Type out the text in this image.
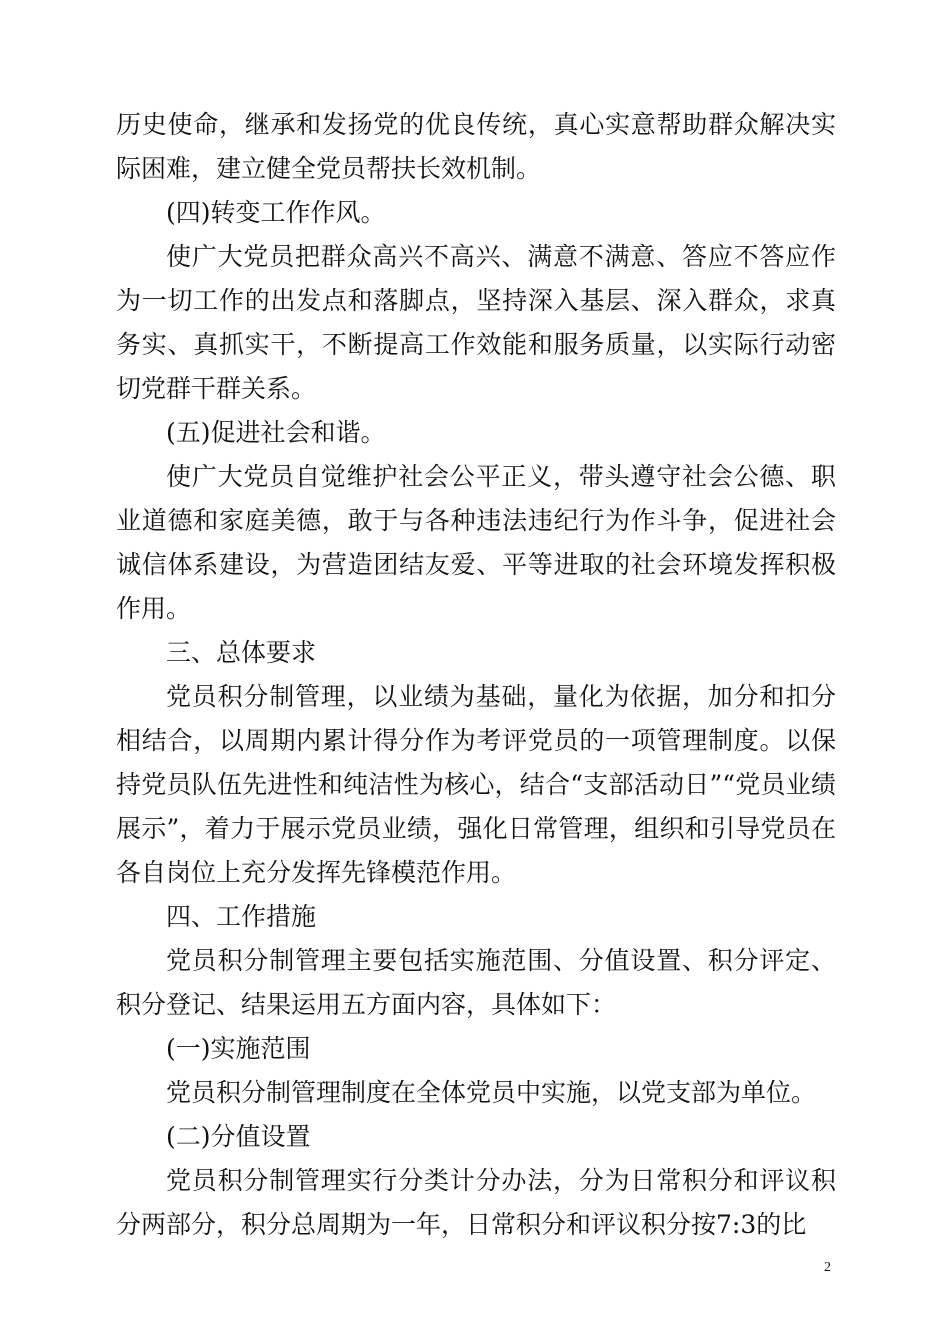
历史使命，继承和发扬党的优良传统，真心实意帮助群众解决实际困难，建立健全党员帮扶长效机制。

(四)转变工作作风。

使广大党员把群众高兴不高兴、满意不满意、答应不答应作为一切工作的出发点和落脚点，坚持深入基层、深入群众，求真务实、真抓实干，不断提高工作效能和服务质量，以实际行动密切党群干群关系。

(五)促进社会和谐。

使广大党员自觉维护社会公平正义，带头遵守社会公德、职业道德和家庭美德，敢于与各种违法违纪行为作斗争，促进社会诚信体系建设，为营造团结友爱、平等进取的社会环境发挥积极作用。

三、总体要求

党员积分制管理，以业绩为基础，量化为依据，加分和扣分相结合，以周期内累计得分作为考评党员的一项管理制度。以保持党员队伍先进性和纯洁性为核心，结合“支部活动日”“党员业绩展示”，着力于展示党员业绩，强化日常管理，组织和引导党员在各自岗位上充分发挥先锋模范作用。

四、工作措施

党员积分制管理主要包括实施范围、分值设置、积分评定、积分登记、结果运用五方面内容，具体如下：

(一)实施范围

党员积分制管理制度在全体党员中实施，以党支部为单位。

(二)分值设置

党员积分制管理实行分类计分办法，分为日常积分和评议积分两部分，积分总周期为一年，日常积分和评议积分按7:3的比

2
